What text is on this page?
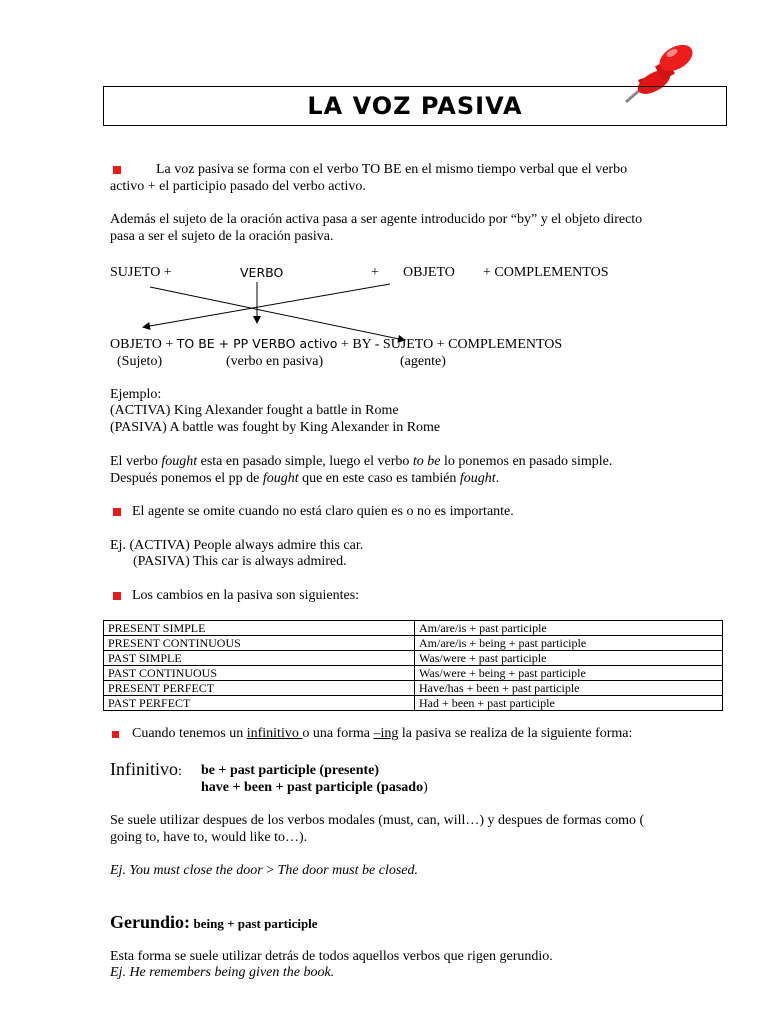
LA VOZ PASIVA
La voz pasiva se forma con el verbo TO BE en el mismo tiempo verbal que el verbo
activo + el participio pasado del verbo activo.
Además el sujeto de la oración activa pasa a ser agente introducido por “by” y el objeto directo
pasa a ser el sujeto de la oración pasiva.
SUJETO +	VERBO	+ OBJETO + COMPLEMENTOS
OBJETO + TO BE + PP VERBO activo + BY - SUJETO + COMPLEMENTOS
(Sujeto)	(verbo en pasiva)	(agente)
Ejemplo:
(ACTIVA) King Alexander fought a battle in Rome
(PASIVA) A battle was fought by King Alexander in Rome
El verbo fought esta en pasado simple, luego el verbo to be lo ponemos en pasado simple.
Después ponemos el pp de fought que en este caso es también fought.
El agente se omite cuando no está claro quien es o no es importante.
Ej. (ACTIVA) People always admire this car.
(PASIVA) This car is always admired.
Los cambios en la pasiva son siguientes:
PRESENT SIMPLE	Am/are/is + past participle
PRESENT CONTINUOUS	Am/are/is + being + past participle
PAST SIMPLE	Was/were + past participle
PAST CONTINUOUS	Was/were + being + past participle
PRESENT PERFECT	Have/has + been + past participle
PAST PERFECT	Had + been + past participle
Cuando tenemos un infinitivo o una forma –ing la pasiva se realiza de la siguiente forma:
Infinitivo: be + past participle (presente)
have + been + past participle (pasado)
Se suele utilizar despues de los verbos modales (must, can, will…) y despues de formas como (
going to, have to, would like to…).
Ej. You must close the door > The door must be closed.
Gerundio: being + past participle
Esta forma se suele utilizar detrás de todos aquellos verbos que rigen gerundio.
Ej. He remembers being given the book.
